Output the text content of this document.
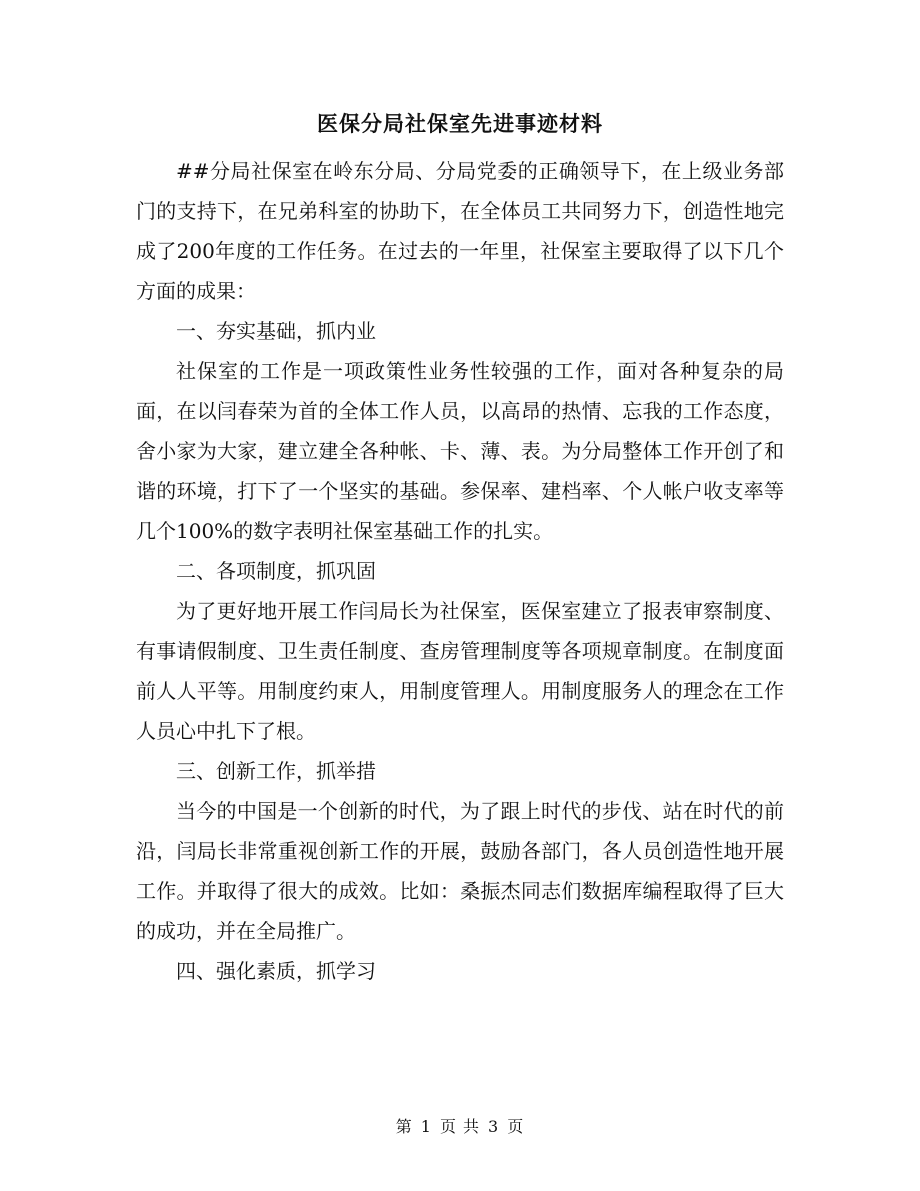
医保分局社保室先进事迹材料

##分局社保室在岭东分局、分局党委的正确领导下，在上级业务部门的支持下，在兄弟科室的协助下，在全体员工共同努力下，创造性地完成了200年度的工作任务。在过去的一年里，社保室主要取得了以下几个方面的成果：

一、夯实基础，抓内业

社保室的工作是一项政策性业务性较强的工作，面对各种复杂的局面，在以闫春荣为首的全体工作人员，以高昂的热情、忘我的工作态度，舍小家为大家，建立建全各种帐、卡、薄、表。为分局整体工作开创了和谐的环境，打下了一个坚实的基础。参保率、建档率、个人帐户收支率等几个100%的数字表明社保室基础工作的扎实。

二、各项制度，抓巩固

为了更好地开展工作闫局长为社保室，医保室建立了报表审察制度、有事请假制度、卫生责任制度、查房管理制度等各项规章制度。在制度面前人人平等。用制度约束人，用制度管理人。用制度服务人的理念在工作人员心中扎下了根。

三、创新工作，抓举措

当今的中国是一个创新的时代，为了跟上时代的步伐、站在时代的前沿，闫局长非常重视创新工作的开展，鼓励各部门，各人员创造性地开展工作。并取得了很大的成效。比如：桑振杰同志们数据库编程取得了巨大的成功，并在全局推广。

四、强化素质，抓学习

第 1 页 共 3 页
